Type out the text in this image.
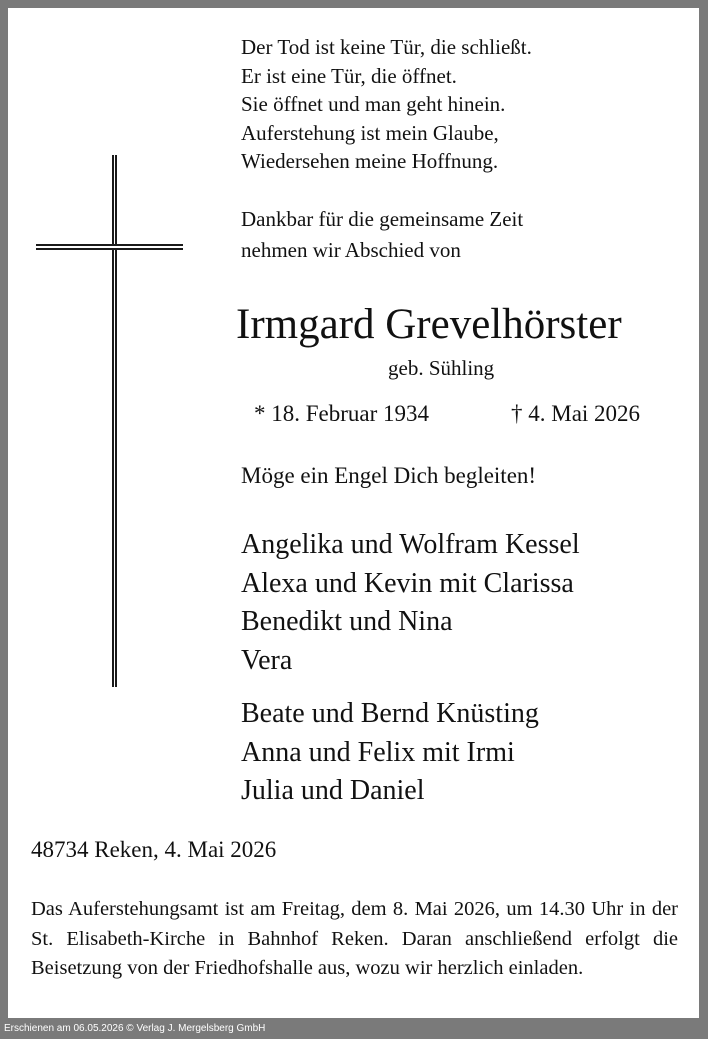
Der Tod ist keine Tür, die schließt.
Er ist eine Tür, die öffnet.
Sie öffnet und man geht hinein.
Auferstehung ist mein Glaube,
Wiedersehen meine Hoffnung.
Dankbar für die gemeinsame Zeit
nehmen wir Abschied von
Irmgard Grevelhörster
geb. Sühling
* 18. Februar 1934	† 4. Mai 2026
Möge ein Engel Dich begleiten!
Angelika und Wolfram Kessel
Alexa und Kevin mit Clarissa
Benedikt und Nina
Vera
Beate und Bernd Knüsting
Anna und Felix mit Irmi
Julia und Daniel
48734 Reken, 4. Mai 2026
Das Auferstehungsamt ist am Freitag, dem 8. Mai 2026, um 14.30 Uhr in der St. Elisabeth-Kirche in Bahnhof Reken. Daran anschließend erfolgt die Beisetzung von der Friedhofshalle aus, wozu wir herzlich einladen.
Erschienen am 06.05.2026 © Verlag J. Mergelsberg GmbH
